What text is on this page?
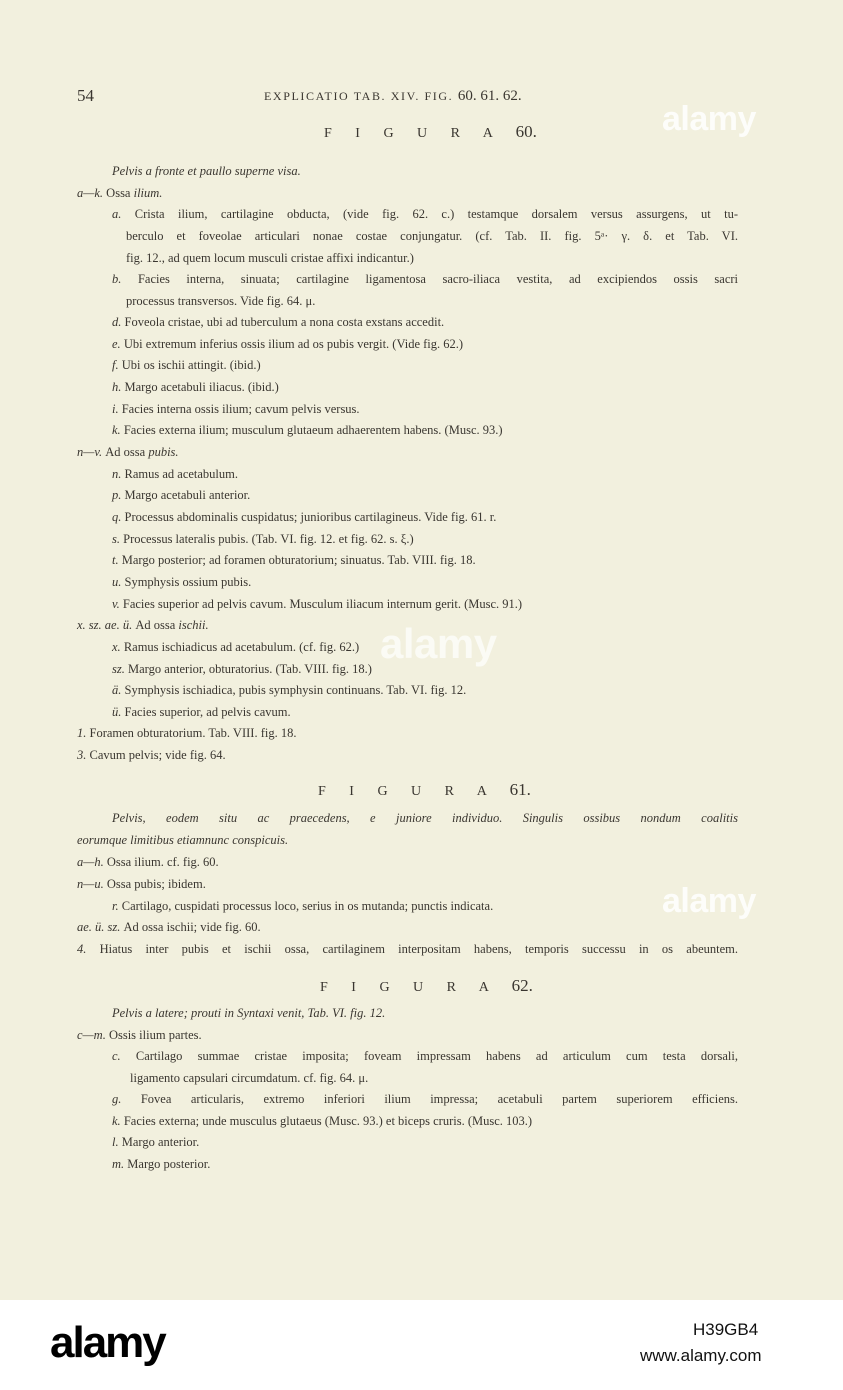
54	EXPLICATIO TAB. XIV. FIG. 60. 61. 62.
F I G U R A 60.
Pelvis a fronte et paullo superne visa.
a—k. Ossa ilium.
a. Crista ilium, cartilagine obducta, (vide fig. 62. c.) testamque dorsalem versus assurgens, ut tu-
berculo et foveolae articulari nonae costae conjungatur. (cf. Tab. II. fig. 5ᵃ· γ. δ. et Tab. VI.
fig. 12., ad quem locum musculi cristae affixi indicantur.)
b. Facies interna, sinuata; cartilagine ligamentosa sacro-iliaca vestita, ad excipiendos ossis sacri
processus transversos. Vide fig. 64. μ.
d. Foveola cristae, ubi ad tuberculum a nona costa exstans accedit.
e. Ubi extremum inferius ossis ilium ad os pubis vergit. (Vide fig. 62.)
f. Ubi os ischii attingit. (ibid.)
h. Margo acetabuli iliacus. (ibid.)
i. Facies interna ossis ilium; cavum pelvis versus.
k. Facies externa ilium; musculum glutaeum adhaerentem habens. (Musc. 93.)
n—v. Ad ossa pubis.
n. Ramus ad acetabulum.
p. Margo acetabuli anterior.
q. Processus abdominalis cuspidatus; junioribus cartilagineus. Vide fig. 61. r.
s. Processus lateralis pubis. (Tab. VI. fig. 12. et fig. 62. s. ξ.)
t. Margo posterior; ad foramen obturatorium; sinuatus. Tab. VIII. fig. 18.
u. Symphysis ossium pubis.
v. Facies superior ad pelvis cavum. Musculum iliacum internum gerit. (Musc. 91.)
x. sz. ae. ü. Ad ossa ischii.
x. Ramus ischiadicus ad acetabulum. (cf. fig. 62.)
sz. Margo anterior, obturatorius. (Tab. VIII. fig. 18.)
ä. Symphysis ischiadica, pubis symphysin continuans. Tab. VI. fig. 12.
ü. Facies superior, ad pelvis cavum.
1. Foramen obturatorium. Tab. VIII. fig. 18.
3. Cavum pelvis; vide fig. 64.
F I G U R A 61.
Pelvis, eodem situ ac praecedens, e juniore individuo. Singulis ossibus nondum coalitis
eorumque limitibus etiamnunc conspicuis.
a—h. Ossa ilium. cf. fig. 60.
n—u. Ossa pubis; ibidem.
r. Cartilago, cuspidati processus loco, serius in os mutanda; punctis indicata.
ae. ü. sz. Ad ossa ischii; vide fig. 60.
4. Hiatus inter pubis et ischii ossa, cartilaginem interpositam habens, temporis successu in os abeuntem.
F I G U R A 62.
Pelvis a latere; prouti in Syntaxi venit, Tab. VI. fig. 12.
c—m. Ossis ilium partes.
c. Cartilago summae cristae imposita; foveam impressam habens ad articulum cum testa dorsali,
ligamento capsulari circumdatum. cf. fig. 64. μ.
g. Fovea articularis, extremo inferiori ilium impressa; acetabuli partem superiorem efficiens.
k. Facies externa; unde musculus glutaeus (Musc. 93.) et biceps cruris. (Musc. 103.)
l. Margo anterior.
m. Margo posterior.
alamy
alamy
alamy
alamy	H39GB4
www.alamy.com
